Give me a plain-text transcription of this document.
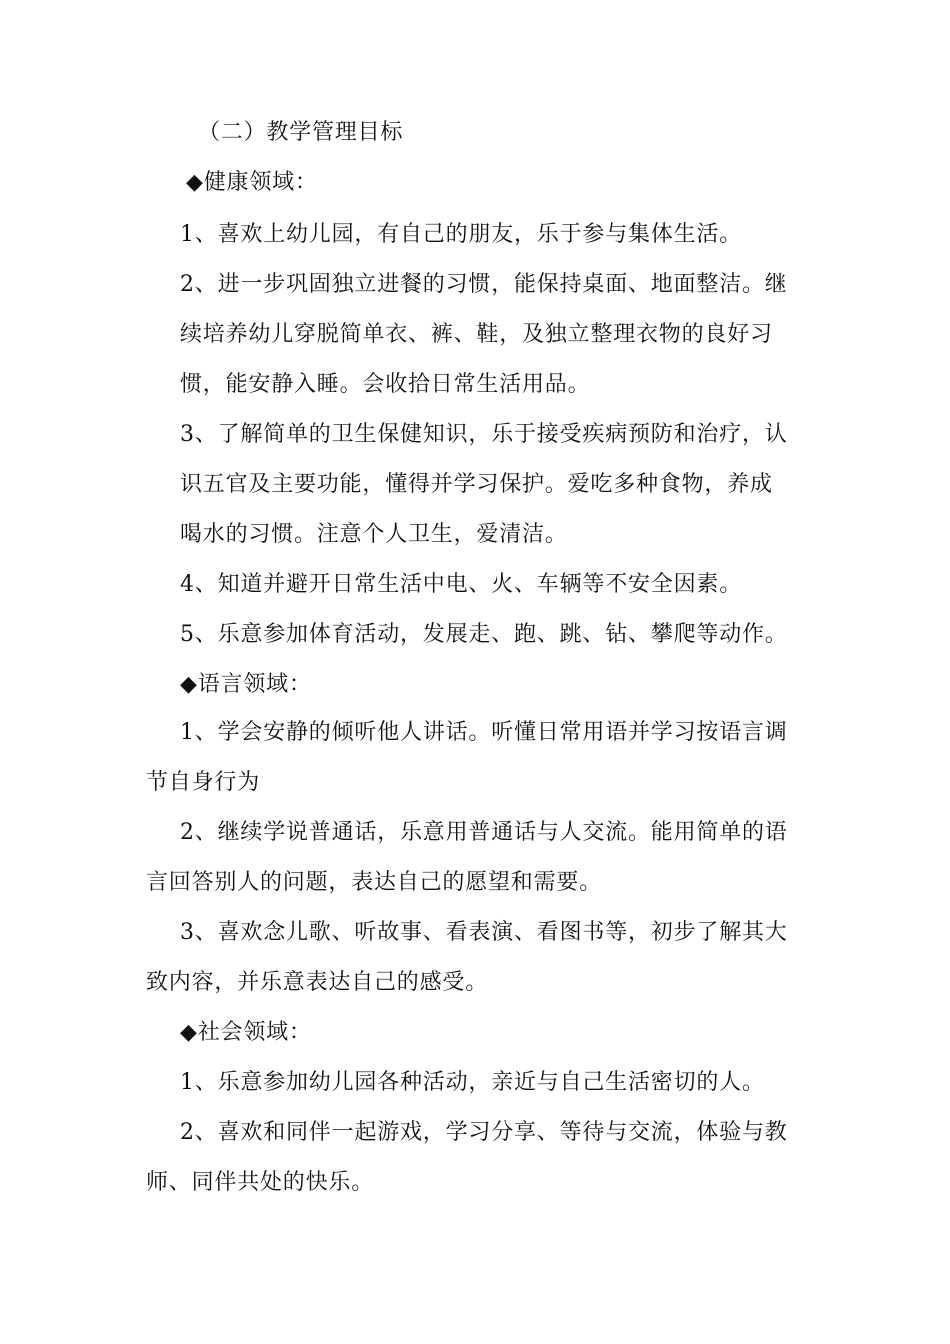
（二）教学管理目标
◆健康领域：
1、喜欢上幼儿园，有自己的朋友，乐于参与集体生活。
2、进一步巩固独立进餐的习惯，能保持桌面、地面整洁。继
续培养幼儿穿脱简单衣、裤、鞋，及独立整理衣物的良好习
惯，能安静入睡。会收拾日常生活用品。
3、了解简单的卫生保健知识，乐于接受疾病预防和治疗，认
识五官及主要功能，懂得并学习保护。爱吃多种食物，养成
喝水的习惯。注意个人卫生，爱清洁。
4、知道并避开日常生活中电、火、车辆等不安全因素。
5、乐意参加体育活动，发展走、跑、跳、钻、攀爬等动作。
◆语言领域：
1、学会安静的倾听他人讲话。听懂日常用语并学习按语言调
节自身行为
2、继续学说普通话，乐意用普通话与人交流。能用简单的语
言回答别人的问题，表达自己的愿望和需要。
3、喜欢念儿歌、听故事、看表演、看图书等，初步了解其大
致内容，并乐意表达自己的感受。
◆社会领域：
1、乐意参加幼儿园各种活动，亲近与自己生活密切的人。
2、喜欢和同伴一起游戏，学习分享、等待与交流，体验与教
师、同伴共处的快乐。
